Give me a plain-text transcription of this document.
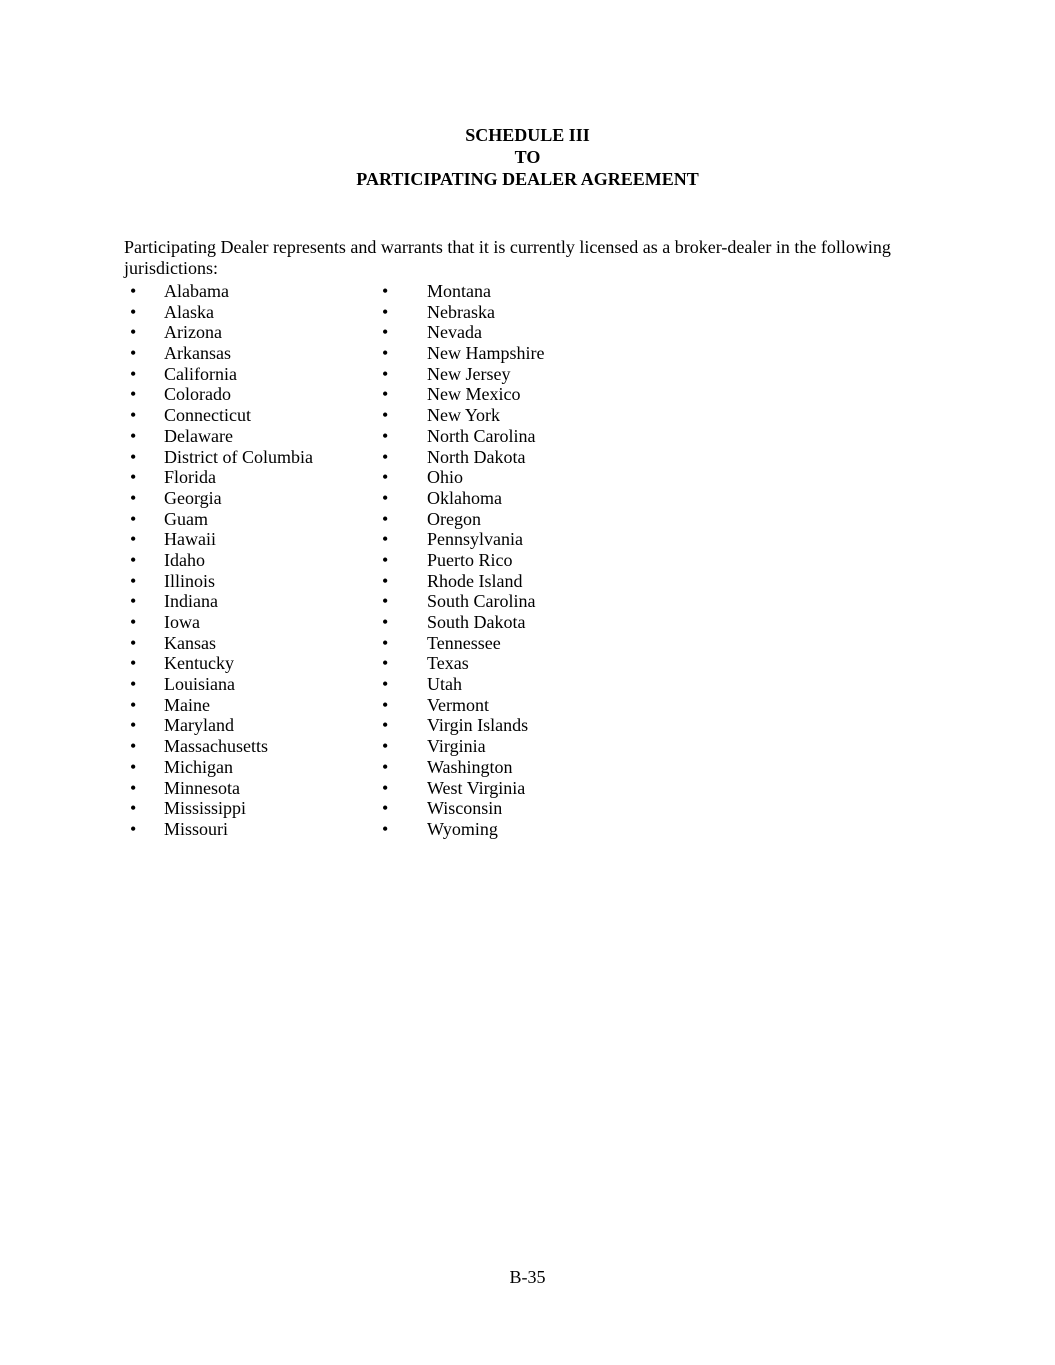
SCHEDULE III
TO
PARTICIPATING DEALER AGREEMENT

Participating Dealer represents and warrants that it is currently licensed as a broker-dealer in the following jurisdictions:

• Alabama
• Alaska
• Arizona
• Arkansas
• California
• Colorado
• Connecticut
• Delaware
• District of Columbia
• Florida
• Georgia
• Guam
• Hawaii
• Idaho
• Illinois
• Indiana
• Iowa
• Kansas
• Kentucky
• Louisiana
• Maine
• Maryland
• Massachusetts
• Michigan
• Minnesota
• Mississippi
• Missouri
• Montana
• Nebraska
• Nevada
• New Hampshire
• New Jersey
• New Mexico
• New York
• North Carolina
• North Dakota
• Ohio
• Oklahoma
• Oregon
• Pennsylvania
• Puerto Rico
• Rhode Island
• South Carolina
• South Dakota
• Tennessee
• Texas
• Utah
• Vermont
• Virgin Islands
• Virginia
• Washington
• West Virginia
• Wisconsin
• Wyoming
B-35
